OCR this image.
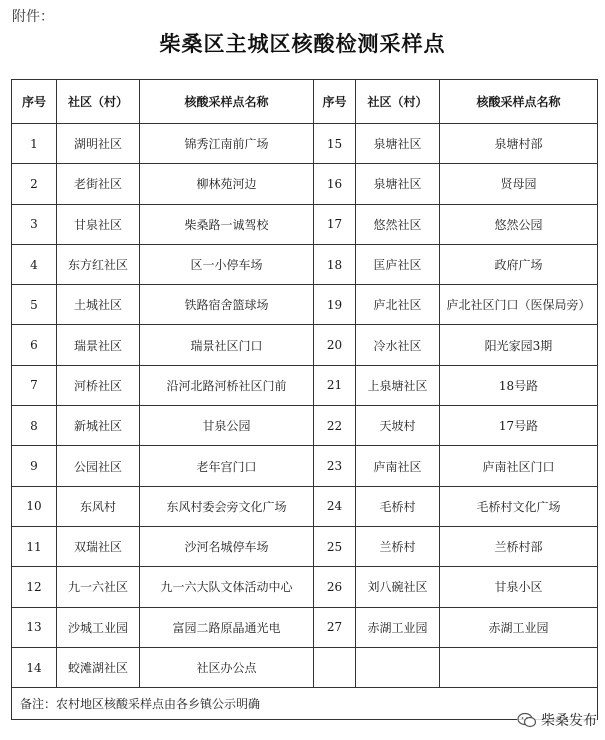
附件：
柴桑区主城区核酸检测采样点
序号	社区（村）	核酸采样点名称	序号	社区（村）	核酸采样点名称
1	湖明社区	锦秀江南前广场	15	泉塘社区	泉塘村部
2	老街社区	柳林苑河边	16	泉塘社区	贤母园
3	甘泉社区	柴桑路一诚驾校	17	悠然社区	悠然公园
4	东方红社区	区一小停车场	18	匡庐社区	政府广场
5	土城社区	铁路宿舍篮球场	19	庐北社区	庐北社区门口（医保局旁）
6	瑞景社区	瑞景社区门口	20	冷水社区	阳光家园3期
7	河桥社区	沿河北路河桥社区门前	21	上泉塘社区	18号路
8	新城社区	甘泉公园	22	天坡村	17号路
9	公园社区	老年宫门口	23	庐南社区	庐南社区门口
10	东风村	东风村委会旁文化广场	24	毛桥村	毛桥村文化广场
11	双瑞社区	沙河名城停车场	25	兰桥村	兰桥村部
12	九一六社区	九一六大队文体活动中心	26	刘八碗社区	甘泉小区
13	沙城工业园	富园二路原晶通光电	27	赤湖工业园	赤湖工业园
14	蛟滩湖社区	社区办公点			
备注：农村地区核酸采样点由各乡镇公示明确					
柴桑发布
